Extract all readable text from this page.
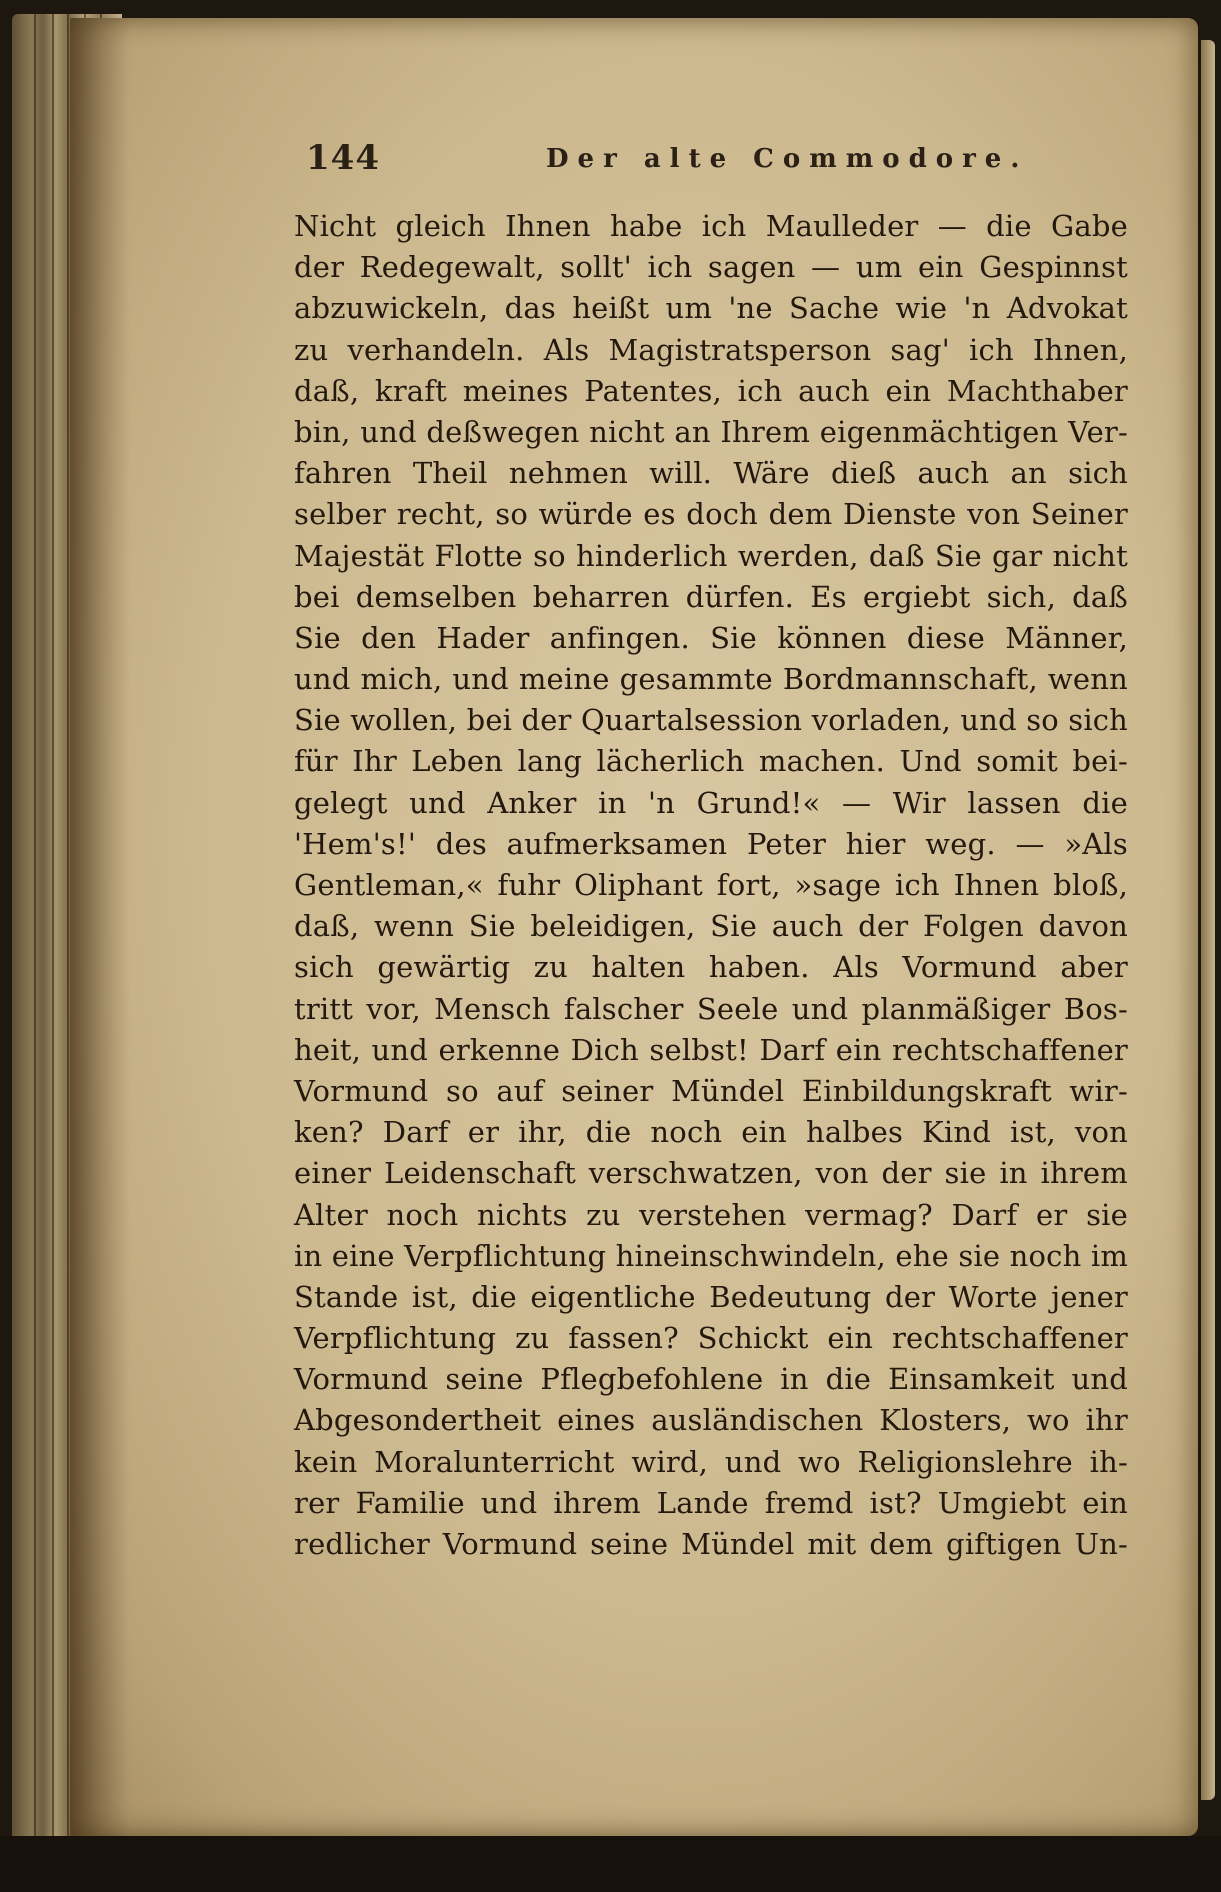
144	Der alte Commodore.
Nicht gleich Ihnen habe ich Maulleder — die Gabe
der Redegewalt, sollt' ich sagen — um ein Gespinnst
abzuwickeln, das heißt um 'ne Sache wie 'n Advokat
zu verhandeln. Als Magistratsperson sag' ich Ihnen,
daß, kraft meines Patentes, ich auch ein Machthaber
bin, und deßwegen nicht an Ihrem eigenmächtigen Ver-
fahren Theil nehmen will. Wäre dieß auch an sich
selber recht, so würde es doch dem Dienste von Seiner
Majestät Flotte so hinderlich werden, daß Sie gar nicht
bei demselben beharren dürfen. Es ergiebt sich, daß
Sie den Hader anfingen. Sie können diese Männer,
und mich, und meine gesammte Bordmannschaft, wenn
Sie wollen, bei der Quartalsession vorladen, und so sich
für Ihr Leben lang lächerlich machen. Und somit bei-
gelegt und Anker in 'n Grund!« — Wir lassen die
'Hem's!' des aufmerksamen Peter hier weg. — »Als
Gentleman,« fuhr Oliphant fort, »sage ich Ihnen bloß,
daß, wenn Sie beleidigen, Sie auch der Folgen davon
sich gewärtig zu halten haben. Als Vormund aber
tritt vor, Mensch falscher Seele und planmäßiger Bos-
heit, und erkenne Dich selbst! Darf ein rechtschaffener
Vormund so auf seiner Mündel Einbildungskraft wir-
ken? Darf er ihr, die noch ein halbes Kind ist, von
einer Leidenschaft verschwatzen, von der sie in ihrem
Alter noch nichts zu verstehen vermag? Darf er sie
in eine Verpflichtung hineinschwindeln, ehe sie noch im
Stande ist, die eigentliche Bedeutung der Worte jener
Verpflichtung zu fassen? Schickt ein rechtschaffener
Vormund seine Pflegbefohlene in die Einsamkeit und
Abgesondertheit eines ausländischen Klosters, wo ihr
kein Moralunterricht wird, und wo Religionslehre ih-
rer Familie und ihrem Lande fremd ist? Umgiebt ein
redlicher Vormund seine Mündel mit dem giftigen Un-
